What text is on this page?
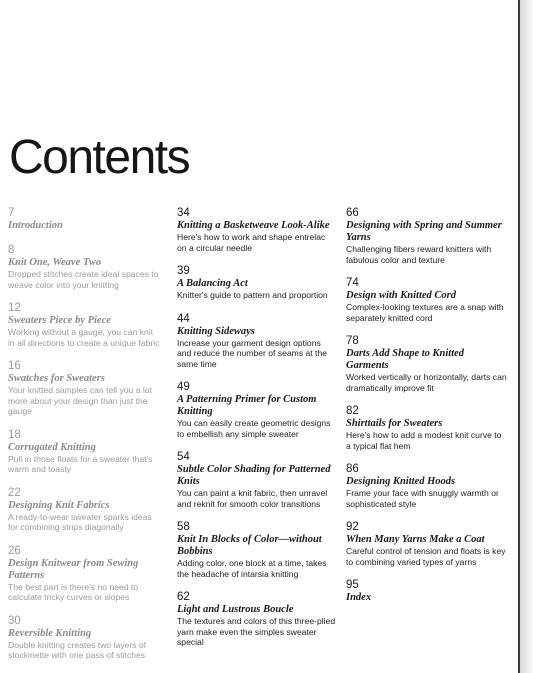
Contents
7
Introduction
8
Knit One, Weave Two
Dropped stitches create ideal spaces to weave color into your knitting
12
Sweaters Piece by Piece
Working without a gauge, you can knit in all directions to create a unique fabric
16
Swatches for Sweaters
Your knitted samples can tell you a lot more about your design than just the gauge
18
Corrugated Knitting
Pull in those floats for a sweater that's warm and toasty
22
Designing Knit Fabrics
A ready-to-wear sweater sparks ideas for combining strips diagonally
26
Design Knitwear from Sewing Patterns
The best part is there's no need to calculate tricky curves or slopes
30
Reversible Knitting
Double knitting creates two layers of stockinette with one pass of stitches
34
Knitting a Basketweave Look-Alike
Here's how to work and shape entrelac on a circular needle
39
A Balancing Act
Knitter's guide to pattern and proportion
44
Knitting Sideways
Increase your garment design options and reduce the number of seams at the same time
49
A Patterning Primer for Custom Knitting
You can easily create geometric designs to embellish any simple sweater
54
Subtle Color Shading for Patterned Knits
You can paint a knit fabric, then unravel and reknit for smooth color transitions
58
Knit In Blocks of Color—without Bobbins
Adding color, one block at a time, takes the headache of intarsia knitting
62
Light and Lustrous Boucle
The textures and colors of this three-plied yarn make even the simples sweater special
66
Designing with Spring and Summer Yarns
Challenging fibers reward knitters with fabulous color and texture
74
Design with Knitted Cord
Complex-looking textures are a snap with separately knitted cord
78
Darts Add Shape to Knitted Garments
Worked vertically or horizontally, darts can dramatically improve fit
82
Shirttails for Sweaters
Here's how to add a modest knit curve to a typical flat hem
86
Designing Knitted Hoods
Frame your face with snuggly warmth or sophisticated style
92
When Many Yarns Make a Coat
Careful control of tension and floats is key to combining varied types of yarns
95
Index
